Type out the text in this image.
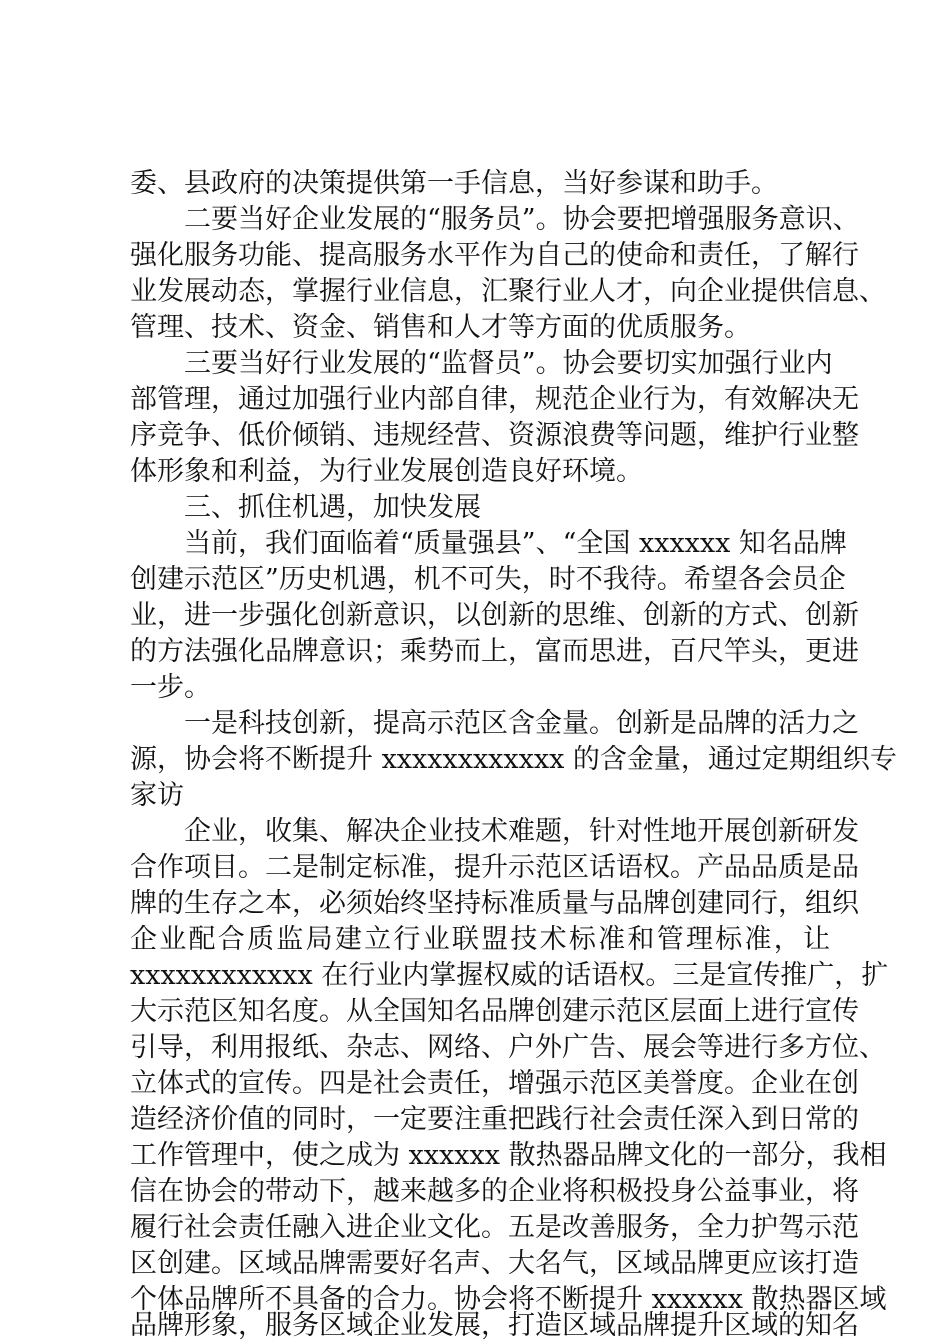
委、县政府的决策提供第一手信息，当好参谋和助手。
二要当好企业发展的“服务员”。协会要把增强服务意识、
强化服务功能、提高服务水平作为自己的使命和责任，了解行
业发展动态，掌握行业信息，汇聚行业人才，向企业提供信息、
管理、技术、资金、销售和人才等方面的优质服务。
三要当好行业发展的“监督员”。协会要切实加强行业内
部管理，通过加强行业内部自律，规范企业行为，有效解决无
序竞争、低价倾销、违规经营、资源浪费等问题，维护行业整
体形象和利益，为行业发展创造良好环境。
三、抓住机遇，加快发展
当前，我们面临着“质量强县”、“全国 xxxxxx 知名品牌
创建示范区”历史机遇，机不可失，时不我待。希望各会员企
业，进一步强化创新意识，以创新的思维、创新的方式、创新
的方法强化品牌意识；乘势而上，富而思进，百尺竿头，更进
一步。
一是科技创新，提高示范区含金量。创新是品牌的活力之
源，协会将不断提升 xxxxxxxxxxxx 的含金量，通过定期组织专
家访
企业，收集、解决企业技术难题，针对性地开展创新研发
合作项目。二是制定标准，提升示范区话语权。产品品质是品
牌的生存之本，必须始终坚持标准质量与品牌创建同行，组织
企业配合质监局建立行业联盟技术标准和管理标准，让
xxxxxxxxxxxx 在行业内掌握权威的话语权。三是宣传推广，扩
大示范区知名度。从全国知名品牌创建示范区层面上进行宣传
引导，利用报纸、杂志、网络、户外广告、展会等进行多方位、
立体式的宣传。四是社会责任，增强示范区美誉度。企业在创
造经济价值的同时，一定要注重把践行社会责任深入到日常的
工作管理中，使之成为 xxxxxx 散热器品牌文化的一部分，我相
信在协会的带动下，越来越多的企业将积极投身公益事业，将
履行社会责任融入进企业文化。五是改善服务，全力护驾示范
区创建。区域品牌需要好名声、大名气，区域品牌更应该打造
个体品牌所不具备的合力。协会将不断提升 xxxxxx 散热器区域
品牌形象，服务区域企业发展，打造区域品牌提升区域的知名
